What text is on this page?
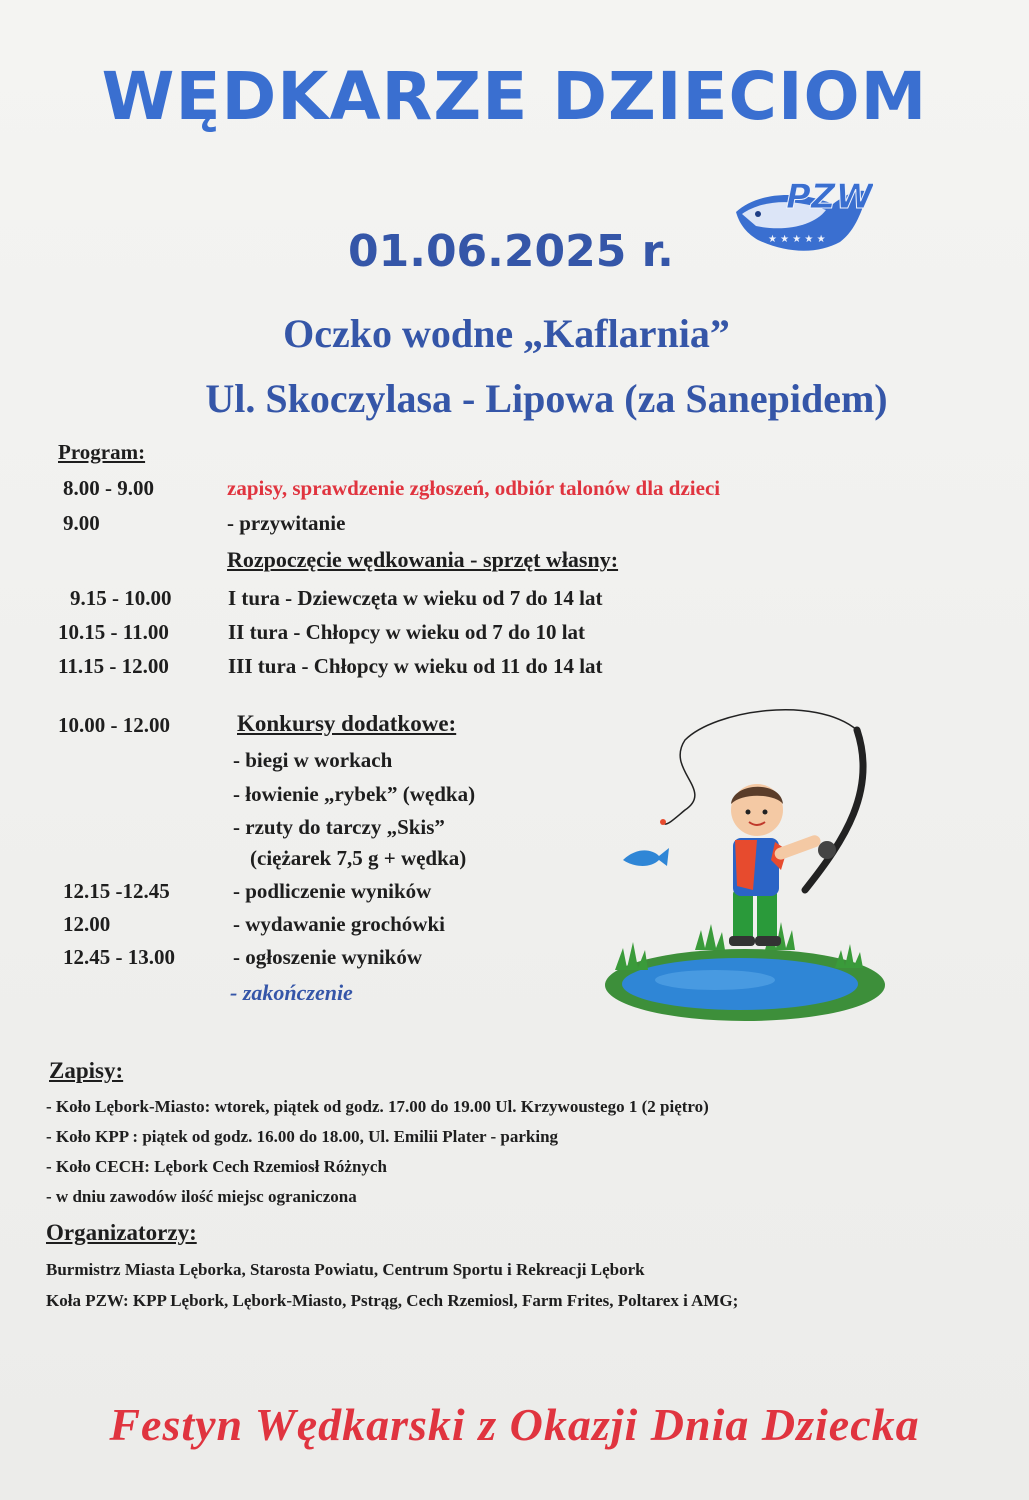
WĘDKARZE DZIECIOM
PZW
★ ★ ★ ★ ★
01.06.2025 r.
Oczko wodne „Kaflarnia”
Ul. Skoczylasa - Lipowa (za Sanepidem)
Program:
8.00 - 9.00	zapisy, sprawdzenie zgłoszeń, odbiór talonów dla dzieci
9.00	- przywitanie
Rozpoczęcie wędkowania - sprzęt własny:
9.15 - 10.00	I tura - Dziewczęta w wieku od 7 do 14 lat
10.15 - 11.00	II tura - Chłopcy w wieku od 7 do 10 lat
11.15 - 12.00	III tura - Chłopcy w wieku od 11 do 14 lat
10.00 - 12.00	Konkursy dodatkowe:
- biegi w workach
- łowienie „rybek” (wędka)
- rzuty do tarczy „Skis”
(ciężarek 7,5 g + wędka)
12.15 -12.45	- podliczenie wyników
12.00	- wydawanie grochówki
12.45 - 13.00	- ogłoszenie wyników
- zakończenie
Zapisy:
- Koło Lębork-Miasto: wtorek, piątek od godz. 17.00 do 19.00 Ul. Krzywoustego 1 (2 piętro)
- Koło KPP : piątek od godz. 16.00 do 18.00, Ul. Emilii Plater - parking
- Koło CECH: Lębork Cech Rzemiosł Różnych
- w dniu zawodów ilość miejsc ograniczona
Organizatorzy:
Burmistrz Miasta Lęborka, Starosta Powiatu, Centrum Sportu i Rekreacji Lębork
Koła PZW: KPP Lębork, Lębork-Miasto, Pstrąg, Cech Rzemiosl, Farm Frites, Poltarex i AMG;
Festyn Wędkarski z Okazji Dnia Dziecka
